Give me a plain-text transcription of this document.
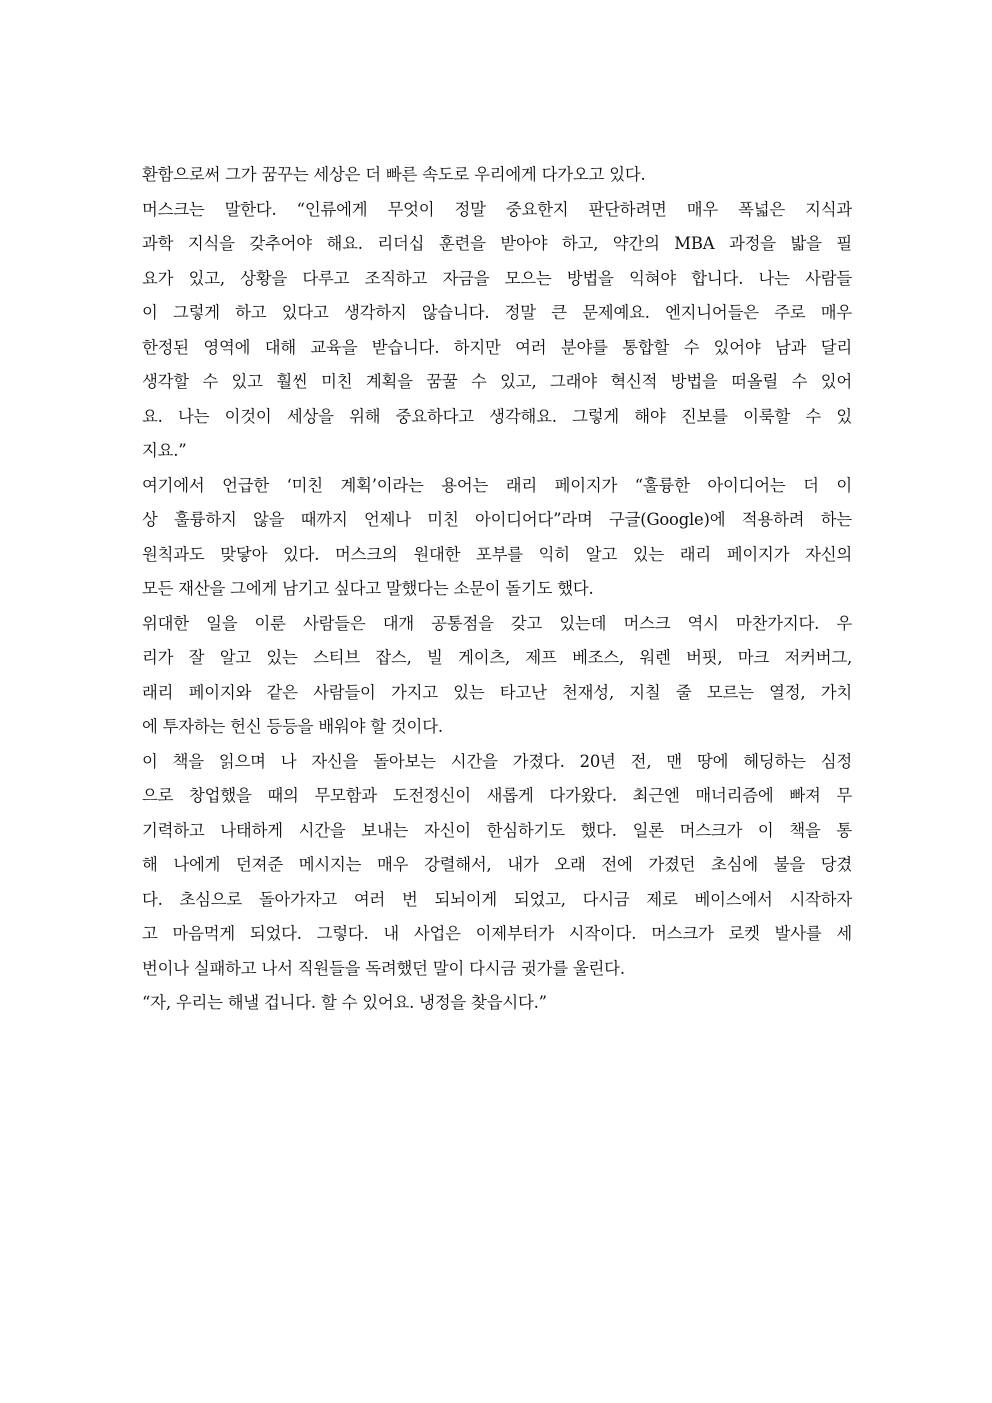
환함으로써 그가 꿈꾸는 세상은 더 빠른 속도로 우리에게 다가오고 있다.
머스크는 말한다. “인류에게 무엇이 정말 중요한지 판단하려면 매우 폭넓은 지식과
과학 지식을 갖추어야 해요. 리더십 훈련을 받아야 하고, 약간의 MBA 과정을 밟을 필
요가 있고, 상황을 다루고 조직하고 자금을 모으는 방법을 익혀야 합니다. 나는 사람들
이 그렇게 하고 있다고 생각하지 않습니다. 정말 큰 문제예요. 엔지니어들은 주로 매우
한정된 영역에 대해 교육을 받습니다. 하지만 여러 분야를 통합할 수 있어야 남과 달리
생각할 수 있고 훨씬 미친 계획을 꿈꿀 수 있고, 그래야 혁신적 방법을 떠올릴 수 있어
요. 나는 이것이 세상을 위해 중요하다고 생각해요. 그렇게 해야 진보를 이룩할 수 있
지요.”
여기에서 언급한 ‘미친 계획’이라는 용어는 래리 페이지가 “훌륭한 아이디어는 더 이
상 훌륭하지 않을 때까지 언제나 미친 아이디어다”라며 구글(Google)에 적용하려 하는
원칙과도 맞닿아 있다. 머스크의 원대한 포부를 익히 알고 있는 래리 페이지가 자신의
모든 재산을 그에게 남기고 싶다고 말했다는 소문이 돌기도 했다.
위대한 일을 이룬 사람들은 대개 공통점을 갖고 있는데 머스크 역시 마찬가지다. 우
리가 잘 알고 있는 스티브 잡스, 빌 게이츠, 제프 베조스, 워렌 버핏, 마크 저커버그,
래리 페이지와 같은 사람들이 가지고 있는 타고난 천재성, 지칠 줄 모르는 열정, 가치
에 투자하는 헌신 등등을 배워야 할 것이다.
이 책을 읽으며 나 자신을 돌아보는 시간을 가졌다. 20년 전, 맨 땅에 헤딩하는 심정
으로 창업했을 때의 무모함과 도전정신이 새롭게 다가왔다. 최근엔 매너리즘에 빠져 무
기력하고 나태하게 시간을 보내는 자신이 한심하기도 했다. 일론 머스크가 이 책을 통
해 나에게 던져준 메시지는 매우 강렬해서, 내가 오래 전에 가졌던 초심에 불을 당겼
다. 초심으로 돌아가자고 여러 번 되뇌이게 되었고, 다시금 제로 베이스에서 시작하자
고 마음먹게 되었다. 그렇다. 내 사업은 이제부터가 시작이다. 머스크가 로켓 발사를 세
번이나 실패하고 나서 직원들을 독려했던 말이 다시금 귓가를 울린다.
“자, 우리는 해낼 겁니다. 할 수 있어요. 냉정을 찾읍시다.”
